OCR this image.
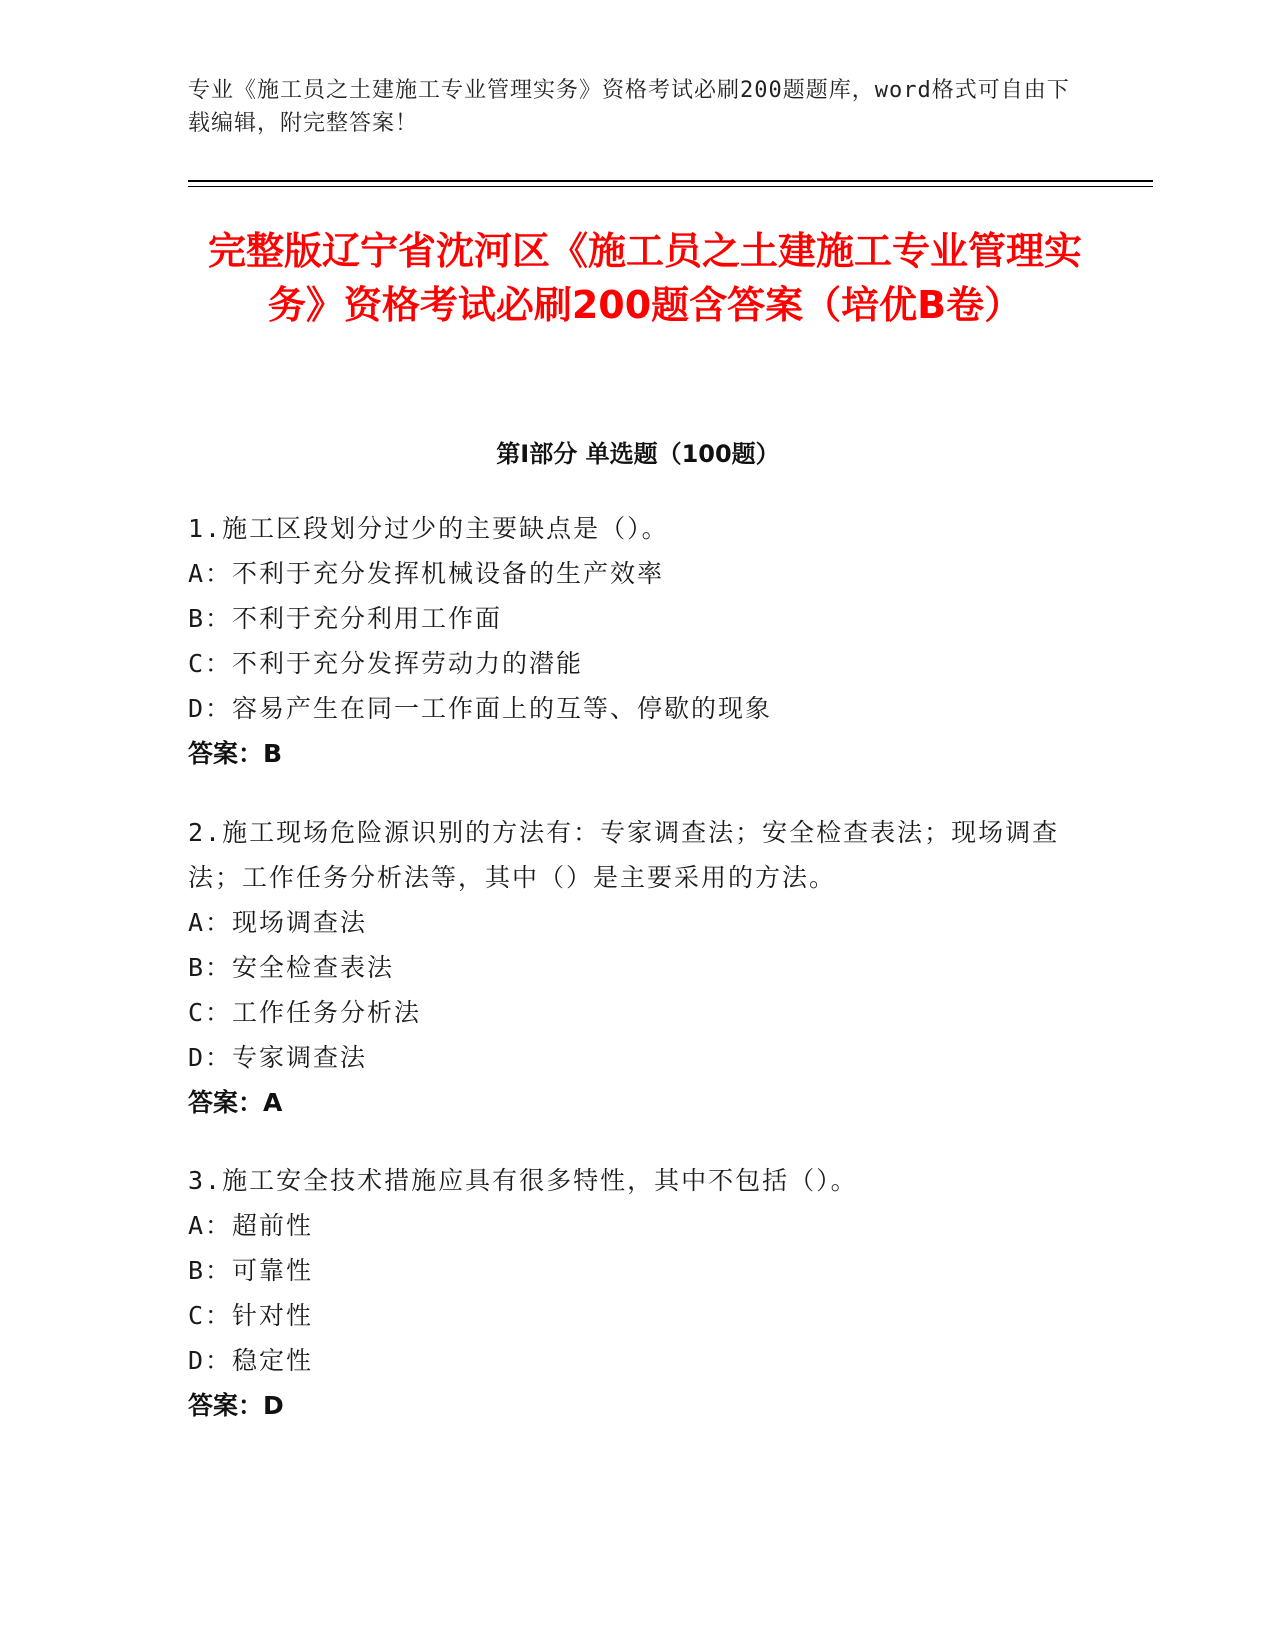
专业《施工员之土建施工专业管理实务》资格考试必刷200题题库，word格式可自由下载编辑，附完整答案！
完整版辽宁省沈河区《施工员之土建施工专业管理实务》资格考试必刷200题含答案（培优B卷）
第I部分 单选题（100题）

1.施工区段划分过少的主要缺点是（）。

A：不利于充分发挥机械设备的生产效率

B：不利于充分利用工作面

C：不利于充分发挥劳动力的潜能

D：容易产生在同一工作面上的互等、停歇的现象

答案：B

2.施工现场危险源识别的方法有：专家调查法；安全检查表法；现场调查法；工作任务分析法等，其中（）是主要采用的方法。

A：现场调查法

B：安全检查表法

C：工作任务分析法

D：专家调查法

答案：A

3.施工安全技术措施应具有很多特性，其中不包括（）。

A：超前性

B：可靠性

C：针对性

D：稳定性

答案：D
